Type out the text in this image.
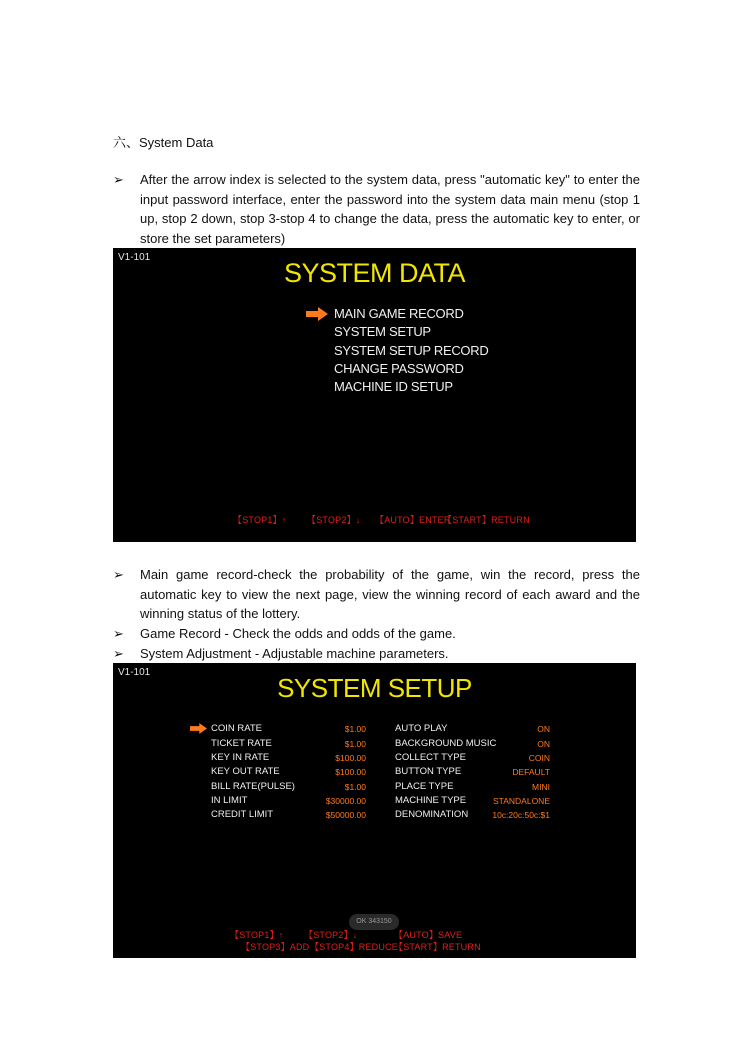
六、System Data
➢	After the arrow index is selected to the system data, press "automatic key" to enter the input password interface, enter the password into the system data main menu (stop 1 up, stop 2 down, stop 3-stop 4 to change the data, press the automatic key to enter, or store the set parameters)
V1-101
SYSTEM DATA
MAIN GAME RECORD
SYSTEM SETUP
SYSTEM SETUP RECORD
CHANGE PASSWORD
MACHINE ID SETUP
【STOP1】↑ 【STOP2】↓ 【AUTO】ENTER
【START】RETURN
➢	Main game record-check the probability of the game, win the record, press the automatic key to view the next page, view the winning record of each award and the winning status of the lottery.
➢	Game Record - Check the odds and odds of the game.
➢	System Adjustment - Adjustable machine parameters.
V1-101
SYSTEM SETUP
COIN RATE	$1.00
TICKET RATE	$1.00
KEY IN RATE	$100.00
KEY OUT RATE	$100.00
BILL RATE(PULSE)	$1.00
IN LIMIT	$30000.00
CREDIT LIMIT	$50000.00
AUTO PLAY	ON
BACKGROUND MUSIC	ON
COLLECT TYPE	COIN
BUTTON TYPE	DEFAULT
PLACE TYPE	MINI
MACHINE TYPE	STANDALONE
DENOMINATION	10c:20c:50c:$1
OK 343150
【STOP1】↑ 【STOP2】↓	【AUTO】SAVE
【STOP3】ADD 【STOP4】REDUCE
【START】RETURN
